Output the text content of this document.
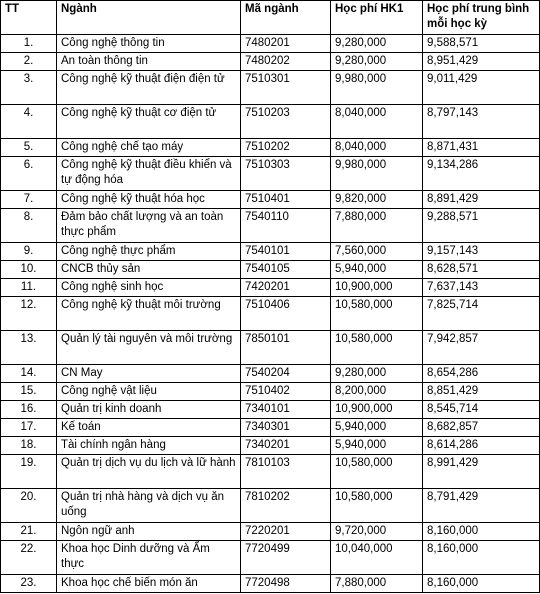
TT	Ngành	Mã ngành	Học phí HK1	Học phí trung bình mỗi học kỳ
1.	Công nghệ thông tin	7480201	9,280,000	9,588,571
2.	An toàn thông tin	7480202	9,280,000	8,951,429
3.	Công nghệ kỹ thuật điện điện tử	7510301	9,980,000	9,011,429
4.	Công nghệ kỹ thuật cơ điện tử	7510203	8,040,000	8,797,143
5.	Công nghệ chế tạo máy	7510202	8,040,000	8,871,431
6.	Công nghệ kỹ thuật điều khiển và tự động hóa	7510303	9,980,000	9,134,286
7.	Công nghệ kỹ thuật hóa học	7510401	9,820,000	8,891,429
8.	Đảm bảo chất lượng và an toàn thực phẩm	7540110	7,880,000	9,288,571
9.	Công nghệ thực phẩm	7540101	7,560,000	9,157,143
10.	CNCB thủy sản	7540105	5,940,000	8,628,571
11.	Công nghệ sinh học	7420201	10,900,000	7,637,143
12.	Công nghệ kỹ thuật môi trường	7510406	10,580,000	7,825,714
13.	Quản lý tài nguyên và môi trường	7850101	10,580,000	7,942,857
14.	CN May	7540204	9,280,000	8,654,286
15.	Công nghệ vật liệu	7510402	8,200,000	8,851,429
16.	Quản trị kinh doanh	7340101	10,900,000	8,545,714
17.	Kế toán	7340301	5,940,000	8,682,857
18.	Tài chính ngân hàng	7340201	5,940,000	8,614,286
19.	Quản trị dịch vụ du lịch và lữ hành	7810103	10,580,000	8,991,429
20.	Quản trị nhà hàng và dịch vụ ăn uống	7810202	10,580,000	8,791,429
21.	Ngôn ngữ anh	7220201	9,720,000	8,160,000
22.	Khoa học Dinh dưỡng và Ẩm thực	7720499	10,040,000	8,160,000
23.	Khoa học chế biến món ăn	7720498	7,880,000	8,160,000
